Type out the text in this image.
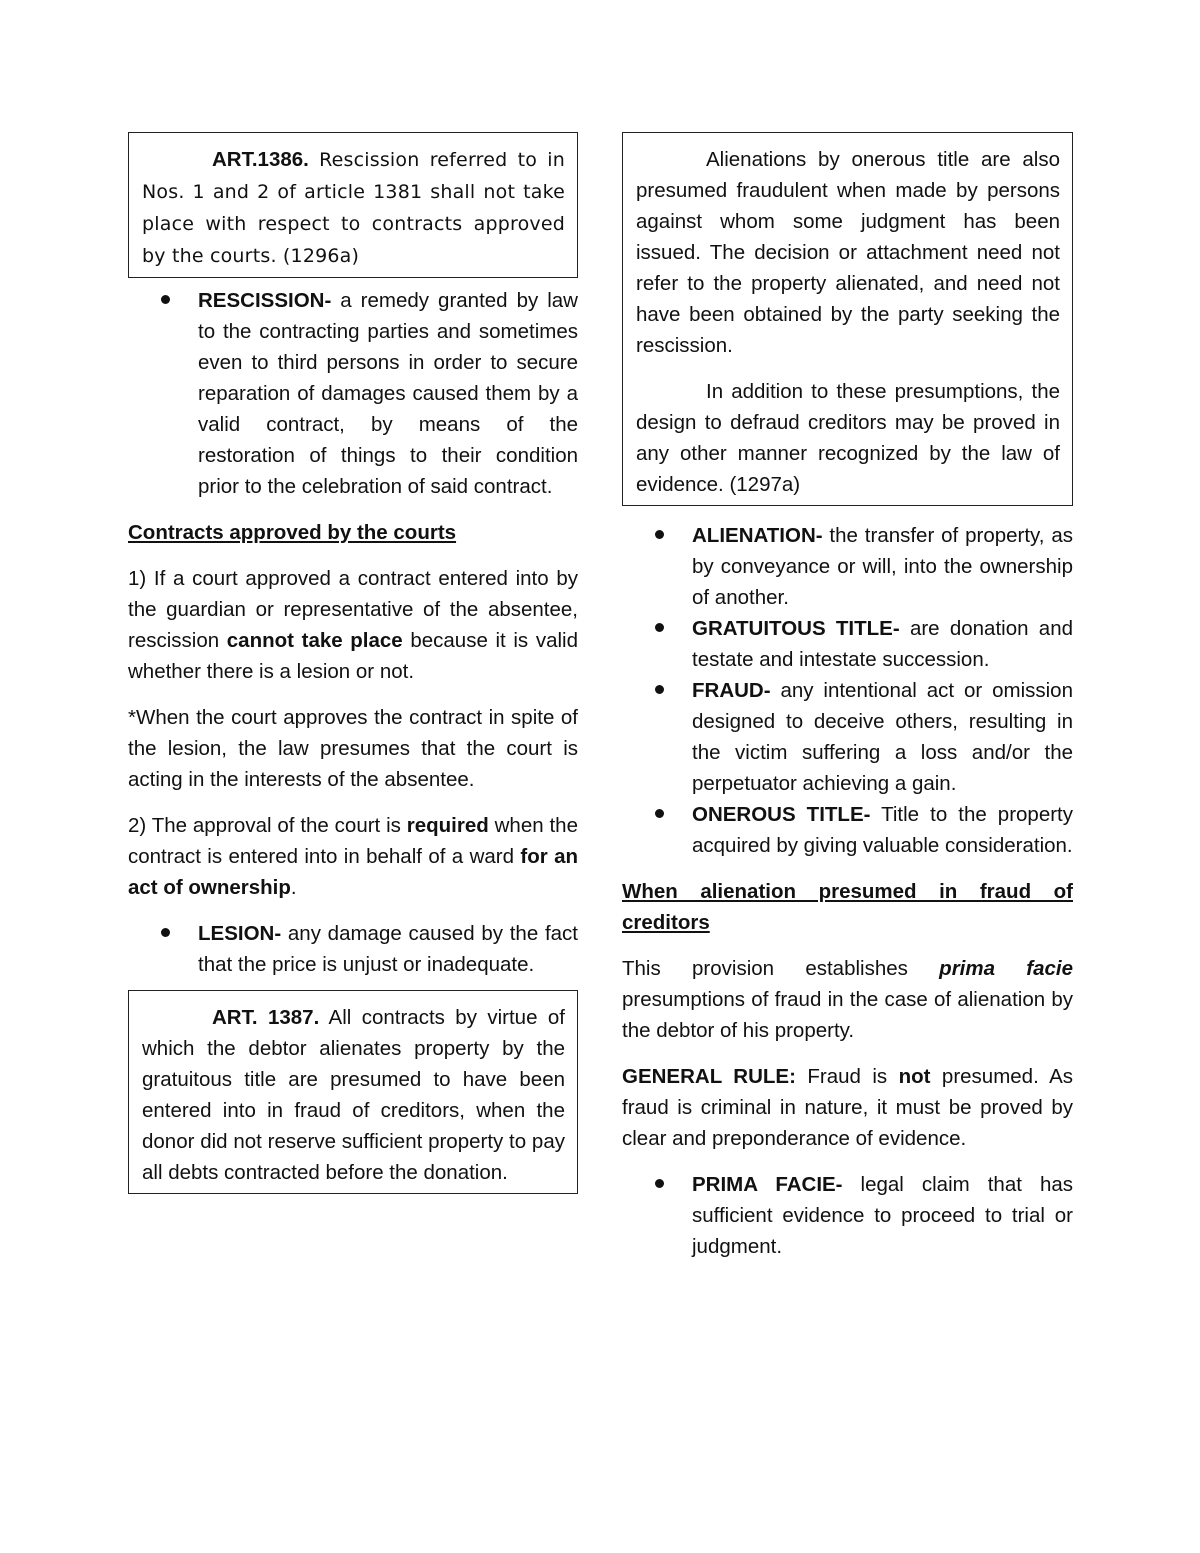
ART.1386. Rescission referred to in Nos. 1 and 2 of article 1381 shall not take place with respect to contracts approved by the courts. (1296a)

RESCISSION- a remedy granted by law to the contracting parties and sometimes even to third persons in order to secure reparation of damages caused them by a valid contract, by means of the restoration of things to their condition prior to the celebration of said contract.

Contracts approved by the courts

1) If a court approved a contract entered into by the guardian or representative of the absentee, rescission cannot take place because it is valid whether there is a lesion or not.

*When the court approves the contract in spite of the lesion, the law presumes that the court is acting in the interests of the absentee.

2) The approval of the court is required when the contract is entered into in behalf of a ward for an act of ownership.

LESION- any damage caused by the fact that the price is unjust or inadequate.

ART. 1387. All contracts by virtue of which the debtor alienates property by the gratuitous title are presumed to have been entered into in fraud of creditors, when the donor did not reserve sufficient property to pay all debts contracted before the donation.

Alienations by onerous title are also presumed fraudulent when made by persons against whom some judgment has been issued. The decision or attachment need not refer to the property alienated, and need not have been obtained by the party seeking the rescission.

In addition to these presumptions, the design to defraud creditors may be proved in any other manner recognized by the law of evidence. (1297a)

ALIENATION- the transfer of property, as by conveyance or will, into the ownership of another.
GRATUITOUS TITLE- are donation and testate and intestate succession.
FRAUD- any intentional act or omission designed to deceive others, resulting in the victim suffering a loss and/or the perpetuator achieving a gain.
ONEROUS TITLE- Title to the property acquired by giving valuable consideration.

When alienation presumed in fraud of creditors

This provision establishes prima facie presumptions of fraud in the case of alienation by the debtor of his property.

GENERAL RULE: Fraud is not presumed. As fraud is criminal in nature, it must be proved by clear and preponderance of evidence.

PRIMA FACIE- legal claim that has sufficient evidence to proceed to trial or judgment.
